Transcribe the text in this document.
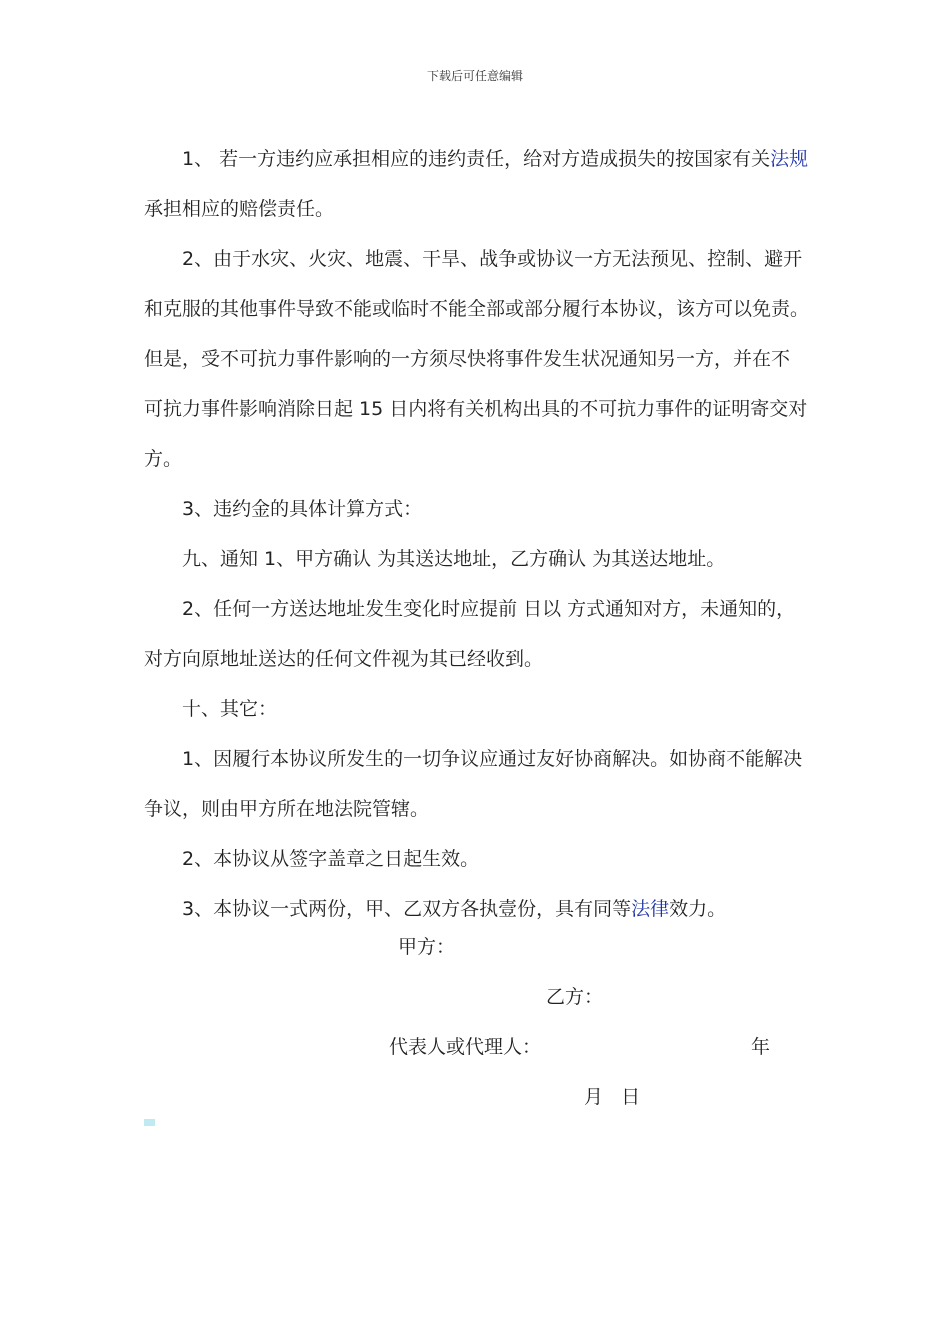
下载后可任意编辑

1、 若一方违约应承担相应的违约责任，给对方造成损失的按国家有关法规

承担相应的赔偿责任。

2、由于水灾、火灾、地震、干旱、战争或协议一方无法预见、控制、避开

和克服的其他事件导致不能或临时不能全部或部分履行本协议，该方可以免责。

但是，受不可抗力事件影响的一方须尽快将事件发生状况通知另一方，并在不

可抗力事件影响消除日起 15 日内将有关机构出具的不可抗力事件的证明寄交对

方。

3、违约金的具体计算方式：

九、通知 1、甲方确认 为其送达地址，乙方确认 为其送达地址。

2、任何一方送达地址发生变化时应提前 日以 方式通知对方，未通知的，

对方向原地址送达的任何文件视为其已经收到。

十、其它：

1、因履行本协议所发生的一切争议应通过友好协商解决。如协商不能解决

争议，则由甲方所在地法院管辖。

2、本协议从签字盖章之日起生效。

3、本协议一式两份，甲、乙双方各执壹份，具有同等法律效力。

甲方：
乙方：
代表人或代理人：	年
月   日
